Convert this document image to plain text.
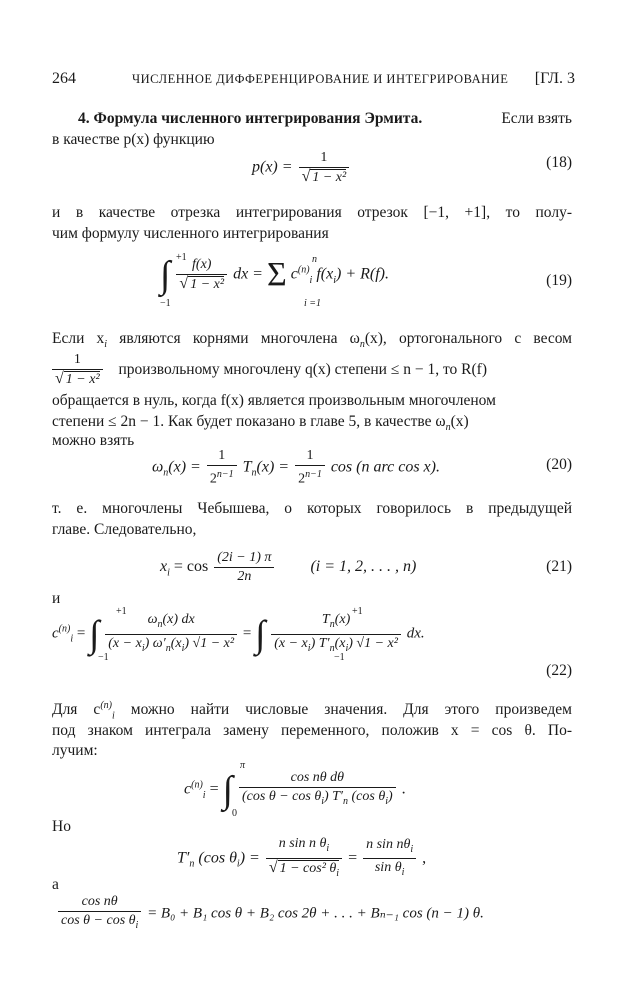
264	ЧИСЛЕННОЕ ДИФФЕРЕНЦИРОВАНИЕ И ИНТЕГРИРОВАНИЕ [ГЛ. 3
4. Формула численного интегрирования Эрмита.	Если взять
в качестве p(x) функцию
$p(x) = \frac{1}{\text{√ 1 − x²}}$	(18)
и в качестве отрезка интегрирования отрезок [−1, +1], то полу-
чим формулу численного интегрирования
∫ $\frac{f(x)}{\text{√ 1 − x²}}$ dx = Σ $c^{(n)}_i$ $f(x_i) + R(f)$.
+1
−1
n
i =1
(19)
Если $x_i$ являются корнями многочлена $\omega_n(x)$, ортогонального с весом
$\frac{1}{\text{√ 1 − x²}}$ произвольному многочлену q(x) степени ≤ n − 1, то R(f)
обращается в нуль, когда f(x) является произвольным многочленом
степени ≤ 2n − 1. Как будет показано в главе 5, в качестве $\omega_n(x)$
можно взять
$\omega_n(x) = \frac{1}{2^{n-1}} T_n(x) = \frac{1}{2^{n-1}}$ cos (n arc cos x).	(20)
т. е. многочлены Чебышева, о которых говорилось в предыдущей
главе. Следовательно,
$x_i = \cos \frac{(2i - 1) \pi}{2n} (i = 1$, 2, . . . , n)	(21)
и
$c^{(n)}_i$ = ∫ $\frac{\omega_n(x) dx}{(x - x_i) \omega'_n(x_i) √1 - x^2}$ = ∫ $\frac{T_n(x)}{(x - x_i) T'_n(x_i) √1 - x^2}$ dx.
+1
−1
+1
−1
(22)
Для $c^{(n)}_i$ можно найти числовые значения. Для этого произведем
под знаком интеграла замену переменного, положив x = cos θ. По-
лучим:
$c^{(n)}_i$ = ∫ $\frac{\text{cos nθ dθ}}{(\cos \theta - \cos \theta_i) T'_n (\cos \theta_i)}$ .
π
0
Но
$T'_n$ (cos $\theta_i) = \frac{n \sin n \theta_i}{√ 1 - \cos^2 \theta_i} = \frac{n \sin n\theta_i}{\sin \theta_i}$ ,
а
$\frac{\text{cos nθ}}{\cos \theta - \cos \theta_i} = B_0 + B_1$ cos θ + B₂ cos 2θ + . . . + Bₙ₋₁ cos (n − 1) θ.
